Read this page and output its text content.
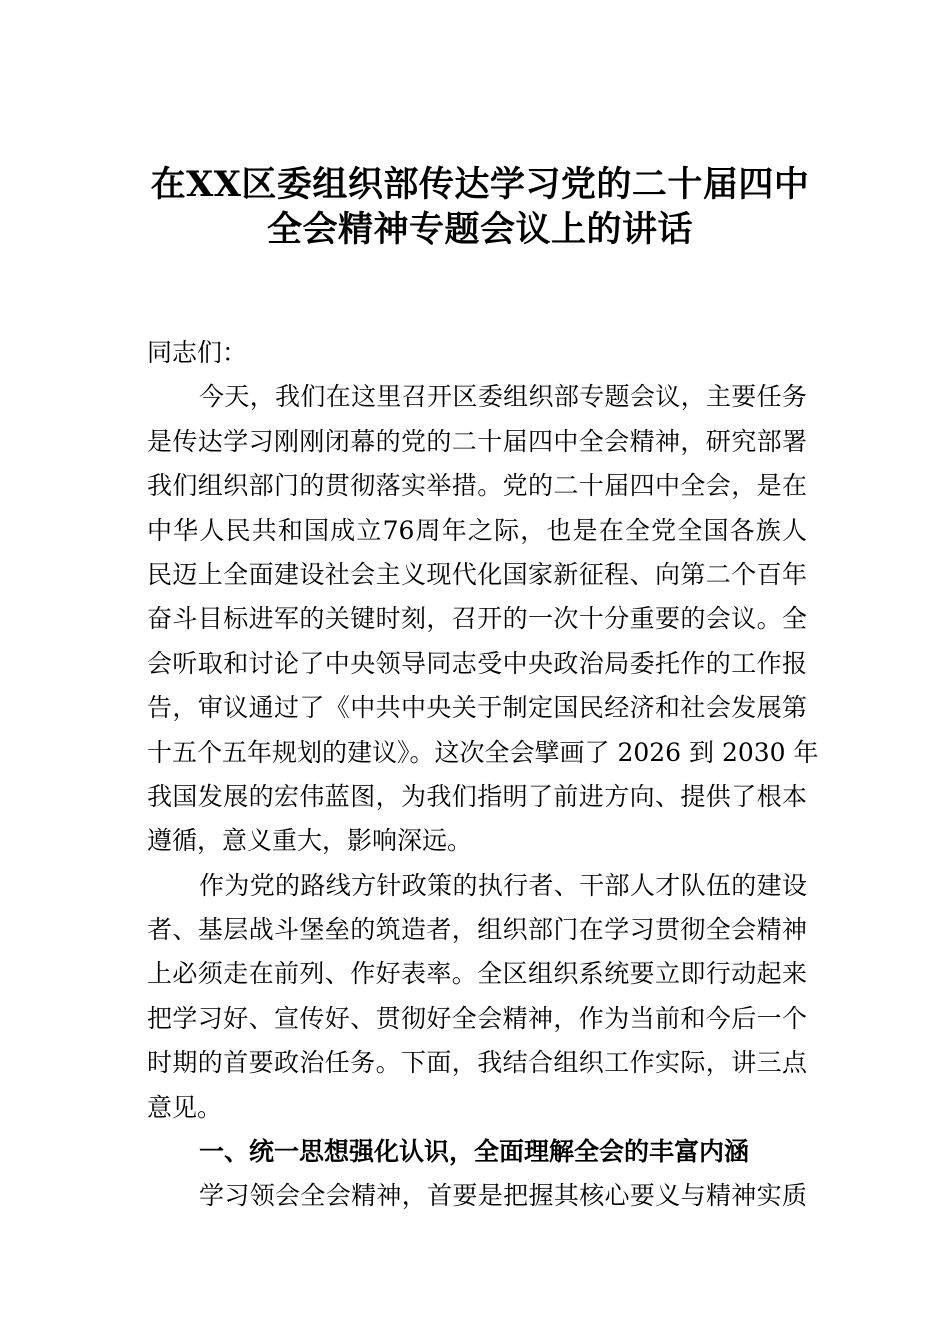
在XX区委组织部传达学习党的二十届四中
全会精神专题会议上的讲话
同志们：
今天，我们在这里召开区委组织部专题会议，主要任务
是传达学习刚刚闭幕的党的二十届四中全会精神，研究部署
我们组织部门的贯彻落实举措。党的二十届四中全会，是在
中华人民共和国成立76周年之际，也是在全党全国各族人
民迈上全面建设社会主义现代化国家新征程、向第二个百年
奋斗目标进军的关键时刻，召开的一次十分重要的会议。全
会听取和讨论了中央领导同志受中央政治局委托作的工作报
告，审议通过了《中共中央关于制定国民经济和社会发展第
十五个五年规划的建议》。这次全会擘画了 2026 到 2030 年
我国发展的宏伟蓝图，为我们指明了前进方向、提供了根本
遵循，意义重大，影响深远。
作为党的路线方针政策的执行者、干部人才队伍的建设
者、基层战斗堡垒的筑造者，组织部门在学习贯彻全会精神
上必须走在前列、作好表率。全区组织系统要立即行动起来
把学习好、宣传好、贯彻好全会精神，作为当前和今后一个
时期的首要政治任务。下面，我结合组织工作实际，讲三点
意见。
一、统一思想强化认识，全面理解全会的丰富内涵
学习领会全会精神，首要是把握其核心要义与精神实质
